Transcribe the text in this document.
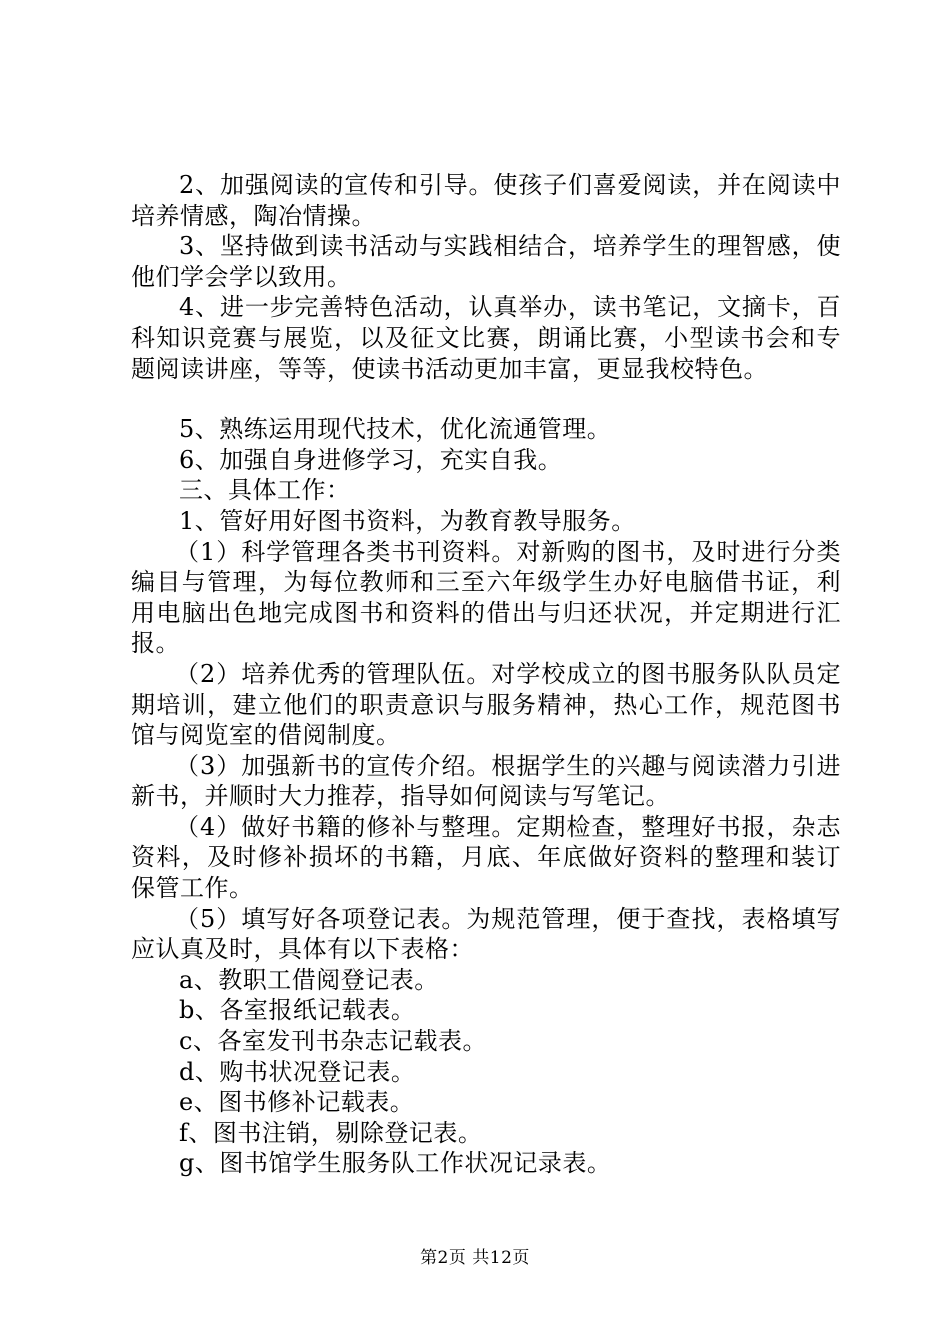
2、加强阅读的宣传和引导。使孩子们喜爱阅读，并在阅读中培养情感，陶冶情操。

3、坚持做到读书活动与实践相结合，培养学生的理智感，使他们学会学以致用。

4、进一步完善特色活动，认真举办，读书笔记，文摘卡，百科知识竞赛与展览，以及征文比赛，朗诵比赛，小型读书会和专题阅读讲座，等等，使读书活动更加丰富，更显我校特色。

5、熟练运用现代技术，优化流通管理。

6、加强自身进修学习，充实自我。

三、具体工作：

1、管好用好图书资料，为教育教导服务。

（1）科学管理各类书刊资料。对新购的图书，及时进行分类编目与管理，为每位教师和三至六年级学生办好电脑借书证，利用电脑出色地完成图书和资料的借出与归还状况，并定期进行汇报。

（2）培养优秀的管理队伍。对学校成立的图书服务队队员定期培训，建立他们的职责意识与服务精神，热心工作，规范图书馆与阅览室的借阅制度。

（3）加强新书的宣传介绍。根据学生的兴趣与阅读潜力引进新书，并顺时大力推荐，指导如何阅读与写笔记。

（4）做好书籍的修补与整理。定期检查，整理好书报，杂志资料，及时修补损坏的书籍，月底、年底做好资料的整理和装订保管工作。

（5）填写好各项登记表。为规范管理，便于查找，表格填写应认真及时，具体有以下表格：

a、教职工借阅登记表。

b、各室报纸记载表。

c、各室发刊书杂志记载表。

d、购书状况登记表。

e、图书修补记载表。

f、图书注销，剔除登记表。

g、图书馆学生服务队工作状况记录表。

第2页 共12页
